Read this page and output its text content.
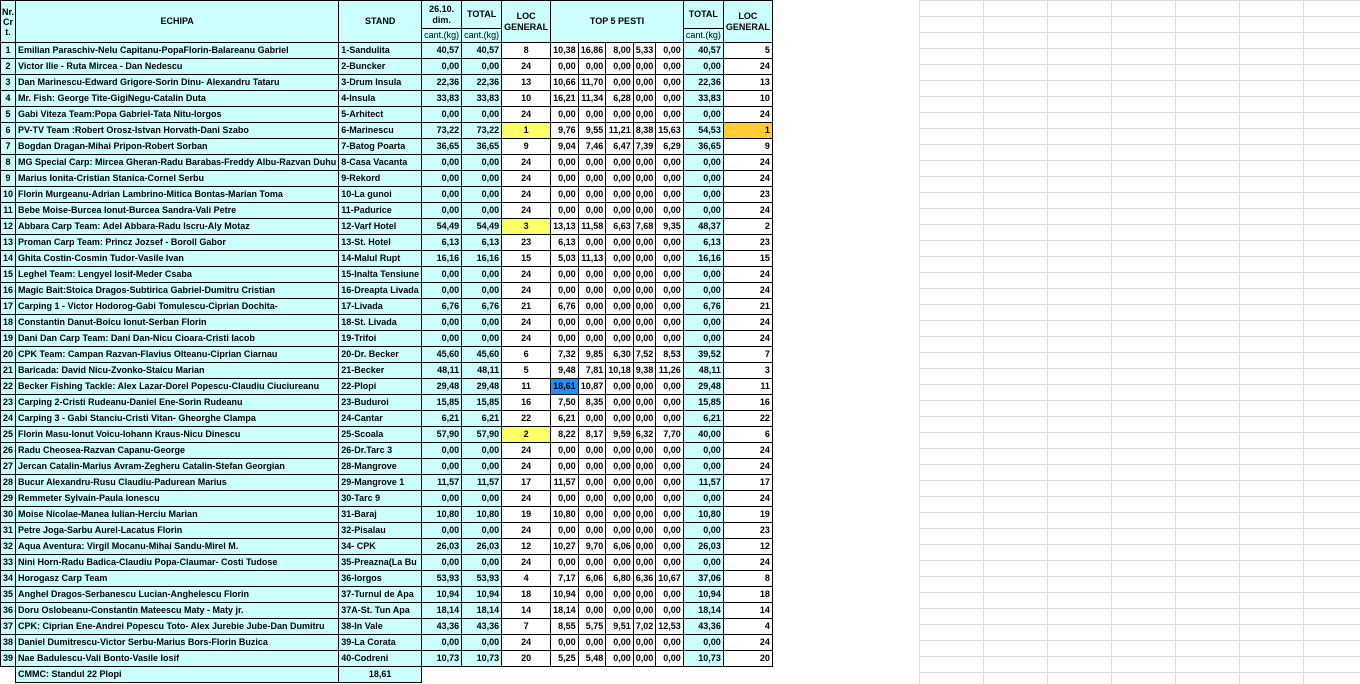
Nr.
Cr
t.	ECHIPA	STAND	26.10.
dim.	TOTAL	LOC
GENERAL	TOP 5 PESTI					TOTAL	LOC
GENERAL

			cant.(kg)	cant.(kg)							cant.(kg)	
1	Emilian Paraschiv-Nelu Capitanu-PopaFlorin-Balareanu Gabriel	1-Sandulita	40,57	40,57	8	10,38	16,86	8,00	5,33	0,00	40,57	5
2	Victor Ilie - Ruta Mircea - Dan Nedescu	2-Buncker	0,00	0,00	24	0,00	0,00	0,00	0,00	0,00	0,00	24
3	Dan Marinescu-Edward Grigore-Sorin Dinu- Alexandru Tataru	3-Drum Insula	22,36	22,36	13	10,66	11,70	0,00	0,00	0,00	22,36	13
4	Mr. Fish: George Tite-GigiNegu-Catalin Duta	4-Insula	33,83	33,83	10	16,21	11,34	6,28	0,00	0,00	33,83	10
5	Gabi Viteza Team:Popa Gabriel-Tata Nitu-Iorgos	5-Arhitect	0,00	0,00	24	0,00	0,00	0,00	0,00	0,00	0,00	24
6	PV-TV Team :Robert Orosz-Istvan Horvath-Dani Szabo	6-Marinescu	73,22	73,22	1	9,76	9,55	11,21	8,38	15,63	54,53	1
7	Bogdan Dragan-Mihai Pripon-Robert Sorban	7-Batog Poarta	36,65	36,65	9	9,04	7,46	6,47	7,39	6,29	36,65	9
8	MG Special Carp: Mircea Gheran-Radu Barabas-Freddy Albu-Razvan Duhu	8-Casa Vacanta	0,00	0,00	24	0,00	0,00	0,00	0,00	0,00	0,00	24
9	Marius Ionita-Cristian Stanica-Cornel Serbu	9-Rekord	0,00	0,00	24	0,00	0,00	0,00	0,00	0,00	0,00	24
10	Florin Murgeanu-Adrian Lambrino-Mitica Bontas-Marian Toma	10-La gunoi	0,00	0,00	24	0,00	0,00	0,00	0,00	0,00	0,00	23
11	Bebe Moise-Burcea Ionut-Burcea Sandra-Vali Petre	11-Padurice	0,00	0,00	24	0,00	0,00	0,00	0,00	0,00	0,00	24
12	Abbara Carp Team: Adel Abbara-Radu Iscru-Aly Motaz	12-Varf Hotel	54,49	54,49	3	13,13	11,58	6,63	7,68	9,35	48,37	2
13	Proman Carp Team: Princz Jozsef - Boroll Gabor	13-St. Hotel	6,13	6,13	23	6,13	0,00	0,00	0,00	0,00	6,13	23
14	Ghita Costin-Cosmin Tudor-Vasile Ivan	14-Malul Rupt	16,16	16,16	15	5,03	11,13	0,00	0,00	0,00	16,16	15
15	Leghel Team: Lengyel Iosif-Meder Csaba	15-Inalta Tensiune	0,00	0,00	24	0,00	0,00	0,00	0,00	0,00	0,00	24
16	Magic Bait:Stoica Dragos-Subtirica Gabriel-Dumitru Cristian	16-Dreapta Livada	0,00	0,00	24	0,00	0,00	0,00	0,00	0,00	0,00	24
17	Carping 1 - Victor Hodorog-Gabi Tomulescu-Ciprian Dochita-	17-Livada	6,76	6,76	21	6,76	0,00	0,00	0,00	0,00	6,76	21
18	Constantin Danut-Boicu Ionut-Serban Florin	18-St. Livada	0,00	0,00	24	0,00	0,00	0,00	0,00	0,00	0,00	24
19	Dani Dan Carp Team: Dani Dan-Nicu Cioara-Cristi Iacob	19-Trifoi	0,00	0,00	24	0,00	0,00	0,00	0,00	0,00	0,00	24
20	CPK Team: Campan Razvan-Flavius Olteanu-Ciprian Ciarnau	20-Dr. Becker	45,60	45,60	6	7,32	9,85	6,30	7,52	8,53	39,52	7
21	Baricada: David Nicu-Zvonko-Staicu Marian	21-Becker	48,11	48,11	5	9,48	7,81	10,18	9,38	11,26	48,11	3
22	Becker Fishing Tackle: Alex Lazar-Dorel Popescu-Claudiu Ciuciureanu	22-Plopi	29,48	29,48	11	18,61	10,87	0,00	0,00	0,00	29,48	11
23	Carping 2-Cristi Rudeanu-Daniel Ene-Sorin Rudeanu	23-Buduroi	15,85	15,85	16	7,50	8,35	0,00	0,00	0,00	15,85	16
24	Carping 3 - Gabi Stanciu-Cristi Vitan- Gheorghe Clampa	24-Cantar	6,21	6,21	22	6,21	0,00	0,00	0,00	0,00	6,21	22
25	Florin Masu-Ionut Voicu-Iohann Kraus-Nicu Dinescu	25-Scoala	57,90	57,90	2	8,22	8,17	9,59	6,32	7,70	40,00	6
26	Radu Cheosea-Razvan Capanu-George	26-Dr.Tarc 3	0,00	0,00	24	0,00	0,00	0,00	0,00	0,00	0,00	24
27	Jercan Catalin-Marius Avram-Zegheru Catalin-Stefan Georgian	28-Mangrove	0,00	0,00	24	0,00	0,00	0,00	0,00	0,00	0,00	24
28	Bucur Alexandru-Rusu Claudiu-Padurean Marius	29-Mangrove 1	11,57	11,57	17	11,57	0,00	0,00	0,00	0,00	11,57	17
29	Remmeter Sylvain-Paula Ionescu	30-Tarc 9	0,00	0,00	24	0,00	0,00	0,00	0,00	0,00	0,00	24
30	Moise Nicolae-Manea Iulian-Herciu Marian	31-Baraj	10,80	10,80	19	10,80	0,00	0,00	0,00	0,00	10,80	19
31	Petre Joga-Sarbu Aurel-Lacatus Florin	32-Pisalau	0,00	0,00	24	0,00	0,00	0,00	0,00	0,00	0,00	23
32	Aqua Aventura: Virgil Mocanu-Mihai Sandu-Mirel M.	34- CPK	26,03	26,03	12	10,27	9,70	6,06	0,00	0,00	26,03	12
33	Nini Horn-Radu Badica-Claudiu Popa-Claumar- Costi Tudose	35-Preazna(La Bu	0,00	0,00	24	0,00	0,00	0,00	0,00	0,00	0,00	24
34	Horogasz Carp Team	36-Iorgos	53,93	53,93	4	7,17	6,06	6,80	6,36	10,67	37,06	8
35	Anghel Dragos-Serbanescu Lucian-Anghelescu Florin	37-Turnul de Apa	10,94	10,94	18	10,94	0,00	0,00	0,00	0,00	10,94	18
36	Doru Oslobeanu-Constantin Mateescu Maty - Maty jr.	37A-St. Tun Apa	18,14	18,14	14	18,14	0,00	0,00	0,00	0,00	18,14	14
37	CPK: Ciprian Ene-Andrei Popescu Toto- Alex Jurebie Jube-Dan Dumitru	38-In Vale	43,36	43,36	7	8,55	5,75	9,51	7,02	12,53	43,36	4
38	Daniel Dumitrescu-Victor Serbu-Marius Bors-Florin Buzica	39-La Corata	0,00	0,00	24	0,00	0,00	0,00	0,00	0,00	0,00	24
39	Nae Badulescu-Vali Bonto-Vasile Iosif	40-Codreni	10,73	10,73	20	5,25	5,48	0,00	0,00	0,00	10,73	20
	CMMC: Standul 22 Plopi	18,61										
